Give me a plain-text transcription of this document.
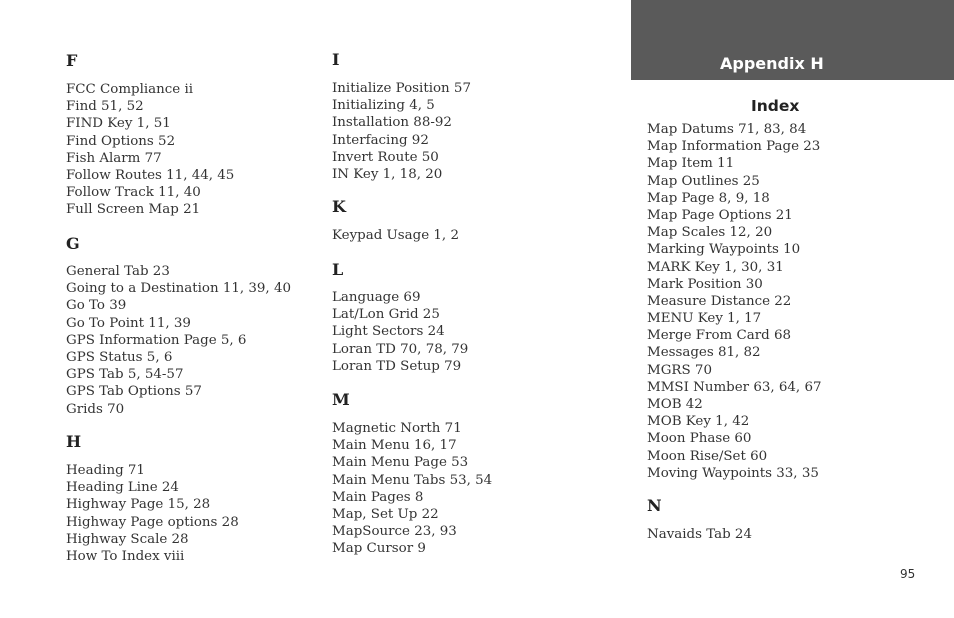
Appendix H
Index
F
FCC Compliance ii
Find 51, 52
FIND Key 1, 51
Find Options 52
Fish Alarm 77
Follow Routes 11, 44, 45
Follow Track 11, 40
Full Screen Map 21
G
General Tab 23
Going to a Destination 11, 39, 40
Go To 39
Go To Point 11, 39
GPS Information Page 5, 6
GPS Status 5, 6
GPS Tab 5, 54-57
GPS Tab Options 57
Grids 70
H
Heading 71
Heading Line 24
Highway Page 15, 28
Highway Page options 28
Highway Scale 28
How To Index viii
I
Initialize Position 57
Initializing 4, 5
Installation 88-92
Interfacing 92
Invert Route 50
IN Key 1, 18, 20
K
Keypad Usage 1, 2
L
Language 69
Lat/Lon Grid 25
Light Sectors 24
Loran TD 70, 78, 79
Loran TD Setup 79
M
Magnetic North 71
Main Menu 16, 17
Main Menu Page 53
Main Menu Tabs 53, 54
Main Pages 8
Map, Set Up 22
MapSource 23, 93
Map Cursor 9
Map Datums 71, 83, 84
Map Information Page 23
Map Item 11
Map Outlines 25
Map Page 8, 9, 18
Map Page Options 21
Map Scales 12, 20
Marking Waypoints 10
MARK Key 1, 30, 31
Mark Position 30
Measure Distance 22
MENU Key 1, 17
Merge From Card 68
Messages 81, 82
MGRS 70
MMSI Number 63, 64, 67
MOB 42
MOB Key 1, 42
Moon Phase 60
Moon Rise/Set 60
Moving Waypoints 33, 35
N
Navaids Tab 24
95
